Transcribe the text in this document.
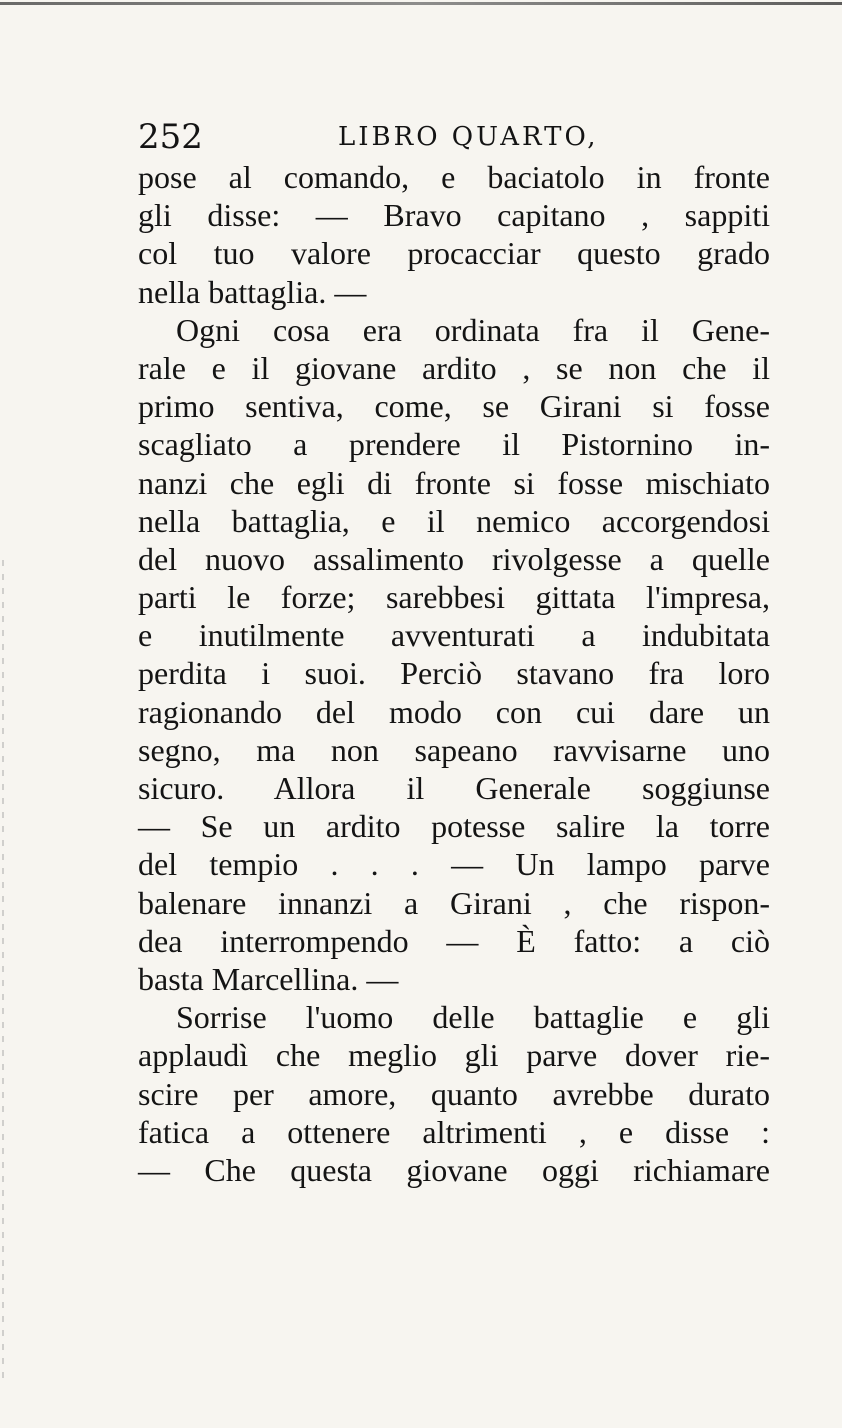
252	LIBRO QUARTO,
pose al comando, e baciatolo in fronte
gli disse: — Bravo capitano , sappiti
col tuo valore procacciar questo grado
nella battaglia. —
Ogni cosa era ordinata fra il Gene-
rale e il giovane ardito , se non che il
primo sentiva, come, se Girani si fosse
scagliato a prendere il Pistornino in-
nanzi che egli di fronte si fosse mischiato
nella battaglia, e il nemico accorgendosi
del nuovo assalimento rivolgesse a quelle
parti le forze; sarebbesi gittata l'impresa,
e inutilmente avventurati a indubitata
perdita i suoi. Perciò stavano fra loro
ragionando del modo con cui dare un
segno, ma non sapeano ravvisarne uno
sicuro. Allora il Generale soggiunse
— Se un ardito potesse salire la torre
del tempio . . . — Un lampo parve
balenare innanzi a Girani , che rispon-
dea interrompendo — È fatto: a ciò
basta Marcellina. —
Sorrise l'uomo delle battaglie e gli
applaudì che meglio gli parve dover rie-
scire per amore, quanto avrebbe durato
fatica a ottenere altrimenti , e disse :
— Che questa giovane oggi richiamare
